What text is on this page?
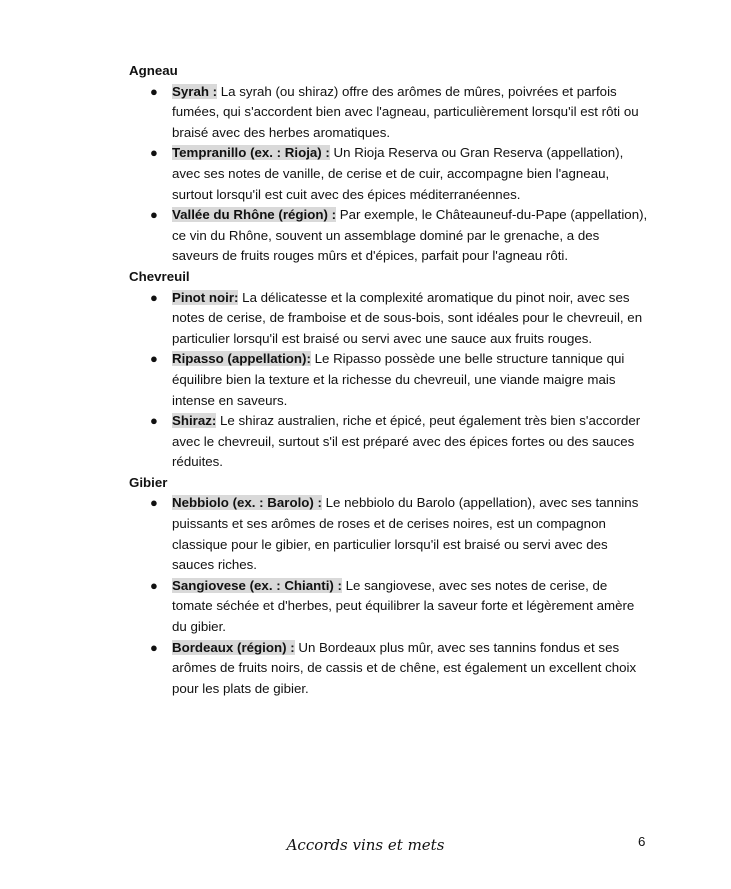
Agneau

● Syrah : La syrah (ou shiraz) offre des arômes de mûres, poivrées et parfois fumées, qui s'accordent bien avec l'agneau, particulièrement lorsqu'il est rôti ou braisé avec des herbes aromatiques.
● Tempranillo (ex. : Rioja) : Un Rioja Reserva ou Gran Reserva (appellation), avec ses notes de vanille, de cerise et de cuir, accompagne bien l'agneau, surtout lorsqu'il est cuit avec des épices méditerranéennes.
● Vallée du Rhône (région) : Par exemple, le Châteauneuf-du-Pape (appellation), ce vin du Rhône, souvent un assemblage dominé par le grenache, a des saveurs de fruits rouges mûrs et d'épices, parfait pour l'agneau rôti.

Chevreuil

● Pinot noir: La délicatesse et la complexité aromatique du pinot noir, avec ses notes de cerise, de framboise et de sous-bois, sont idéales pour le chevreuil, en particulier lorsqu'il est braisé ou servi avec une sauce aux fruits rouges.
● Ripasso (appellation): Le Ripasso possède une belle structure tannique qui équilibre bien la texture et la richesse du chevreuil, une viande maigre mais intense en saveurs.
● Shiraz: Le shiraz australien, riche et épicé, peut également très bien s'accorder avec le chevreuil, surtout s'il est préparé avec des épices fortes ou des sauces réduites.

Gibier

● Nebbiolo (ex. : Barolo) : Le nebbiolo du Barolo (appellation), avec ses tannins puissants et ses arômes de roses et de cerises noires, est un compagnon classique pour le gibier, en particulier lorsqu'il est braisé ou servi avec des sauces riches.
● Sangiovese (ex. : Chianti) : Le sangiovese, avec ses notes de cerise, de tomate séchée et d'herbes, peut équilibrer la saveur forte et légèrement amère du gibier.
● Bordeaux (région) : Un Bordeaux plus mûr, avec ses tannins fondus et ses arômes de fruits noirs, de cassis et de chêne, est également un excellent choix pour les plats de gibier.
Accords vins et mets	6
